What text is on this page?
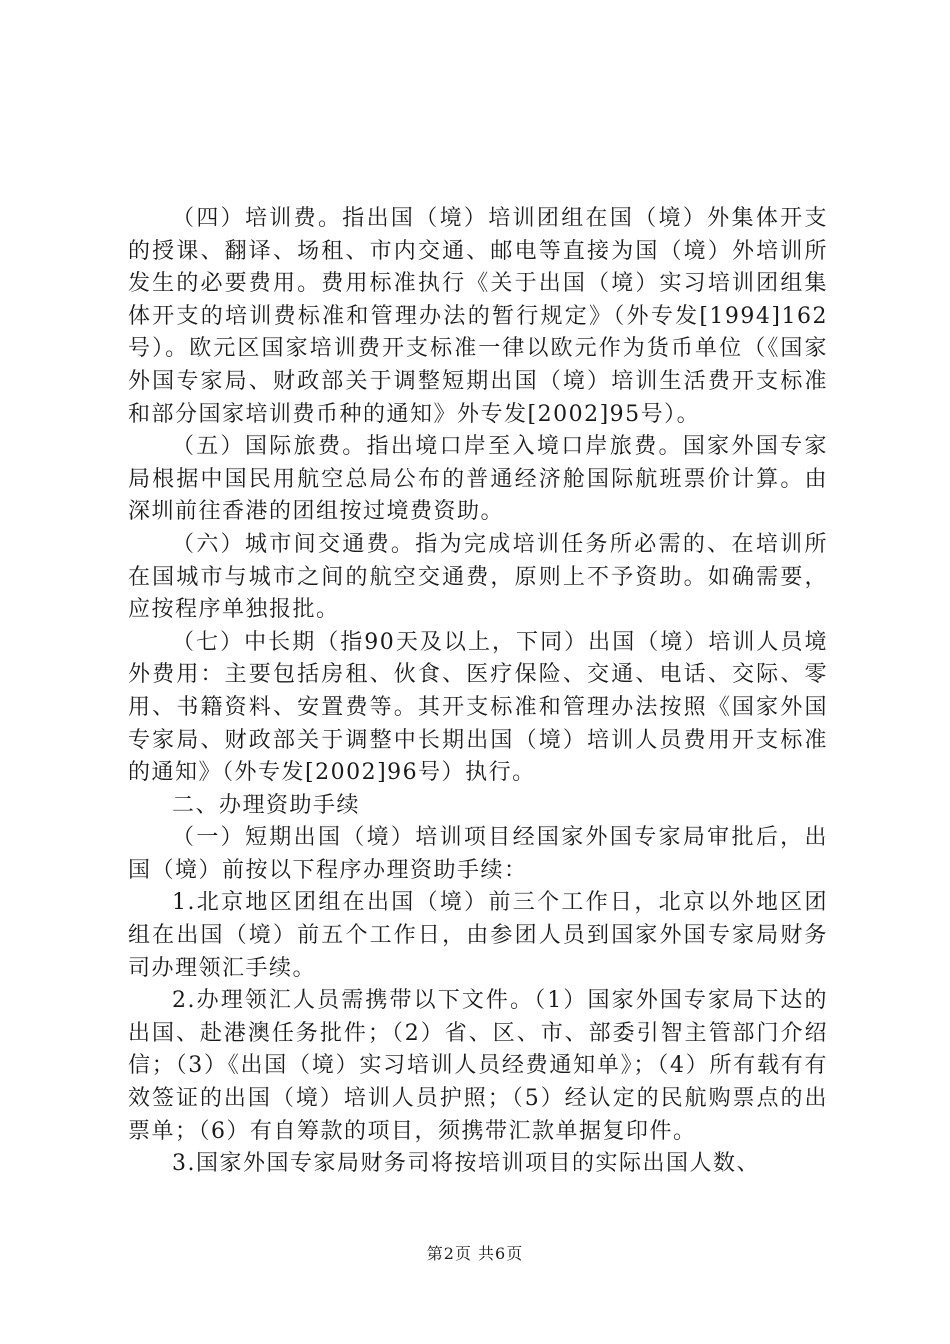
（四）培训费。指出国（境）培训团组在国（境）外集体开支的授课、翻译、场租、市内交通、邮电等直接为国（境）外培训所发生的必要费用。费用标准执行《关于出国（境）实习培训团组集体开支的培训费标准和管理办法的暂行规定》（外专发[1994]162号）。欧元区国家培训费开支标准一律以欧元作为货币单位（《国家外国专家局、财政部关于调整短期出国（境）培训生活费开支标准和部分国家培训费币种的通知》外专发[2002]95号）。

（五）国际旅费。指出境口岸至入境口岸旅费。国家外国专家局根据中国民用航空总局公布的普通经济舱国际航班票价计算。由深圳前往香港的团组按过境费资助。

（六）城市间交通费。指为完成培训任务所必需的、在培训所在国城市与城市之间的航空交通费，原则上不予资助。如确需要，应按程序单独报批。

（七）中长期（指90天及以上，下同）出国（境）培训人员境外费用：主要包括房租、伙食、医疗保险、交通、电话、交际、零用、书籍资料、安置费等。其开支标准和管理办法按照《国家外国专家局、财政部关于调整中长期出国（境）培训人员费用开支标准的通知》（外专发[2002]96号）执行。

二、办理资助手续

（一）短期出国（境）培训项目经国家外国专家局审批后，出国（境）前按以下程序办理资助手续：

1.北京地区团组在出国（境）前三个工作日，北京以外地区团组在出国（境）前五个工作日，由参团人员到国家外国专家局财务司办理领汇手续。

2.办理领汇人员需携带以下文件。（1）国家外国专家局下达的出国、赴港澳任务批件；（2）省、区、市、部委引智主管部门介绍信；（3）《出国（境）实习培训人员经费通知单》；（4）所有载有有效签证的出国（境）培训人员护照；（5）经认定的民航购票点的出票单；（6）有自筹款的项目，须携带汇款单据复印件。

3.国家外国专家局财务司将按培训项目的实际出国人数、

第2页 共6页
